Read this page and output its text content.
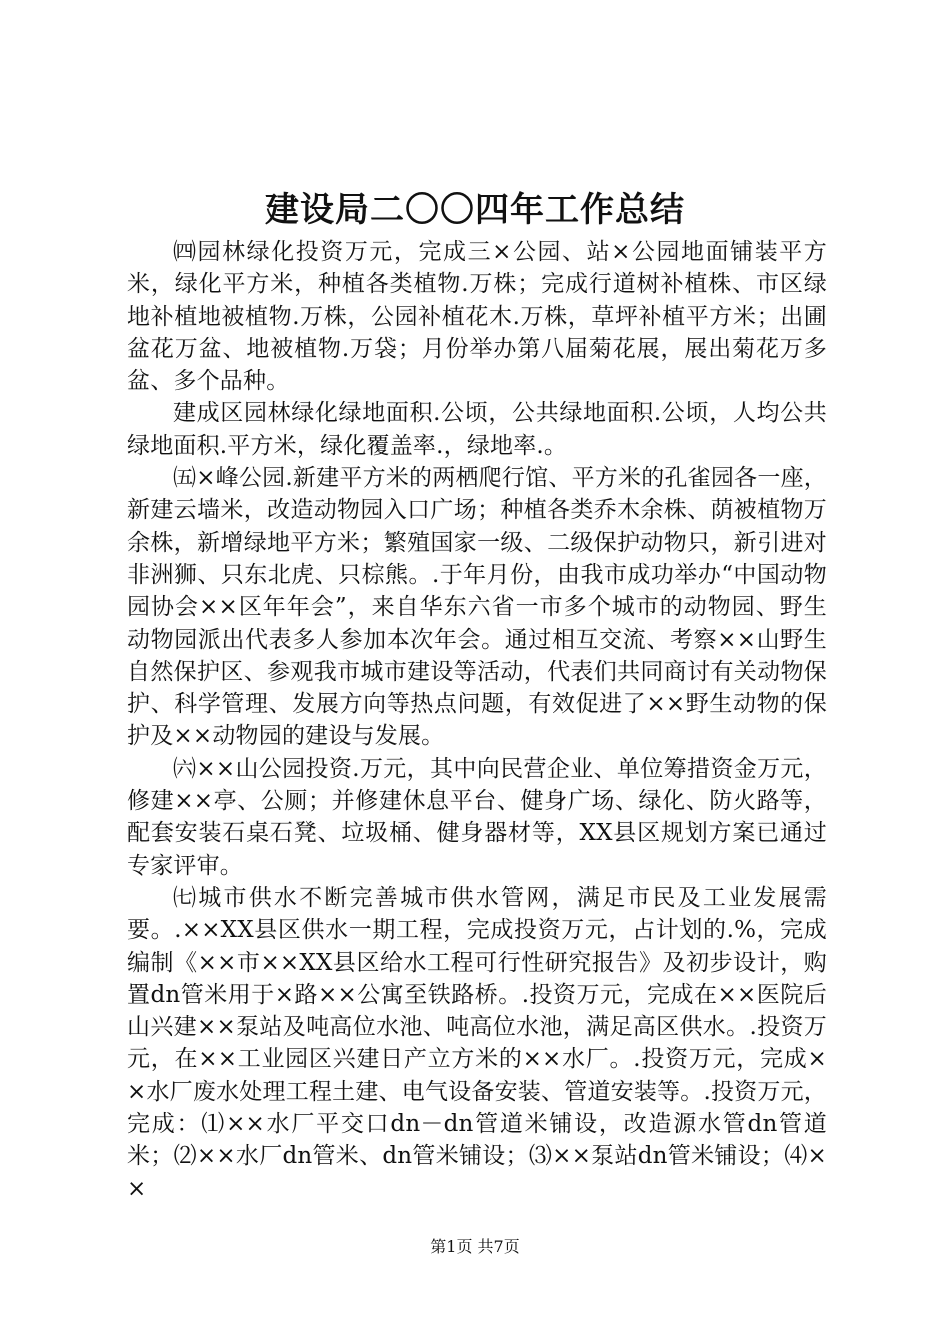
建设局二〇〇四年工作总结

㈣园林绿化投资万元，完成三×公园、站×公园地面铺装平方米，绿化平方米，种植各类植物.万株；完成行道树补植株、市区绿地补植地被植物.万株，公园补植花木.万株，草坪补植平方米；出圃盆花万盆、地被植物.万袋；月份举办第八届菊花展，展出菊花万多盆、多个品种。

建成区园林绿化绿地面积.公顷，公共绿地面积.公顷，人均公共绿地面积.平方米，绿化覆盖率.，绿地率.。

㈤×峰公园.新建平方米的两栖爬行馆、平方米的孔雀园各一座，新建云墙米，改造动物园入口广场；种植各类乔木余株、荫被植物万余株，新增绿地平方米；繁殖国家一级、二级保护动物只，新引进对非洲狮、只东北虎、只棕熊。.于年月份，由我市成功举办“中国动物园协会××区年年会”，来自华东六省一市多个城市的动物园、野生动物园派出代表多人参加本次年会。通过相互交流、考察××山野生自然保护区、参观我市城市建设等活动，代表们共同商讨有关动物保护、科学管理、发展方向等热点问题，有效促进了××野生动物的保护及××动物园的建设与发展。

㈥××山公园投资.万元，其中向民营企业、单位筹措资金万元，修建××亭、公厕；并修建休息平台、健身广场、绿化、防火路等，配套安装石桌石凳、垃圾桶、健身器材等，XX县区规划方案已通过专家评审。

㈦城市供水不断完善城市供水管网，满足市民及工业发展需要。.××XX县区供水一期工程，完成投资万元，占计划的.%，完成编制《××市××XX县区给水工程可行性研究报告》及初步设计，购置dn管米用于×路××公寓至铁路桥。.投资万元，完成在××医院后山兴建××泵站及吨高位水池、吨高位水池，满足高区供水。.投资万元，在××工业园区兴建日产立方米的××水厂。.投资万元，完成××水厂废水处理工程土建、电气设备安装、管道安装等。.投资万元，完成：⑴××水厂平交口dn－dn管道米铺设，改造源水管dn管道米；⑵××水厂dn管米、dn管米铺设；⑶××泵站dn管米铺设；⑷××

第1页 共7页
